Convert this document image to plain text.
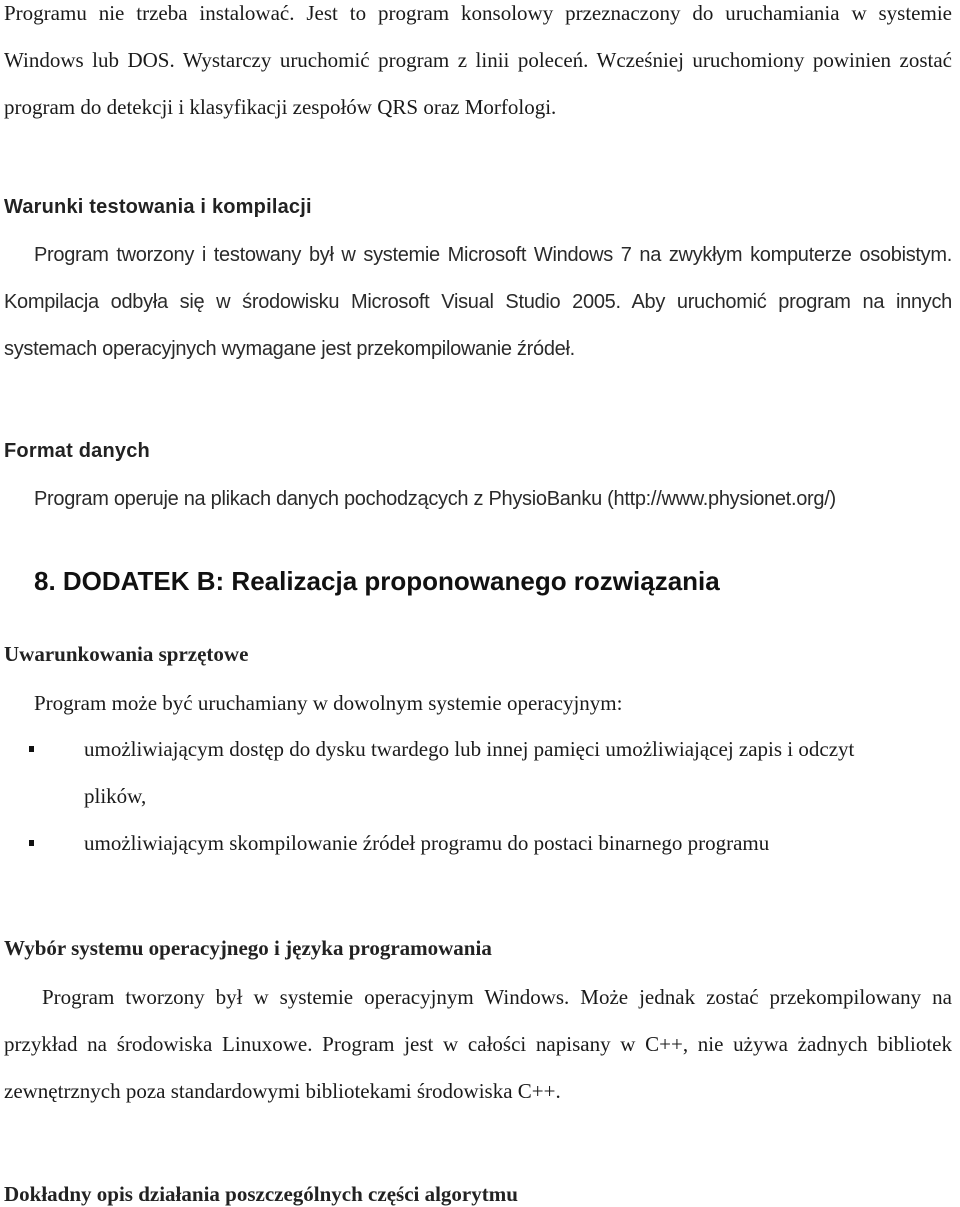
Programu nie trzeba instalować. Jest to program konsolowy przeznaczony do uruchamiania w systemie Windows lub DOS. Wystarczy uruchomić program z linii poleceń. Wcześniej uruchomiony powinien zostać program do detekcji i klasyfikacji zespołów QRS oraz Morfologi.

Warunki testowania i kompilacji

Program tworzony i testowany był w systemie Microsoft Windows 7 na zwykłym komputerze osobistym. Kompilacja odbyła się w środowisku Microsoft Visual Studio 2005. Aby uruchomić program na innych systemach operacyjnych wymagane jest przekompilowanie źródeł.

Format danych

Program operuje na plikach danych pochodzących z PhysioBanku (http://www.physionet.org/)

8. DODATEK B: Realizacja proponowanego rozwiązania
Uwarunkowania sprzętowe

Program może być uruchamiany w dowolnym systemie operacyjnym:

umożliwiającym dostęp do dysku twardego lub innej pamięci umożliwiającej zapis i odczyt plików,
umożliwiającym skompilowanie źródeł programu do postaci binarnego programu
Wybór systemu operacyjnego i języka programowania

Program tworzony był w systemie operacyjnym Windows. Może jednak zostać przekompilowany na przykład na środowiska Linuxowe. Program jest w całości napisany w C++, nie używa żadnych bibliotek zewnętrznych poza standardowymi bibliotekami środowiska C++.

Dokładny opis działania poszczególnych części algorytmu
